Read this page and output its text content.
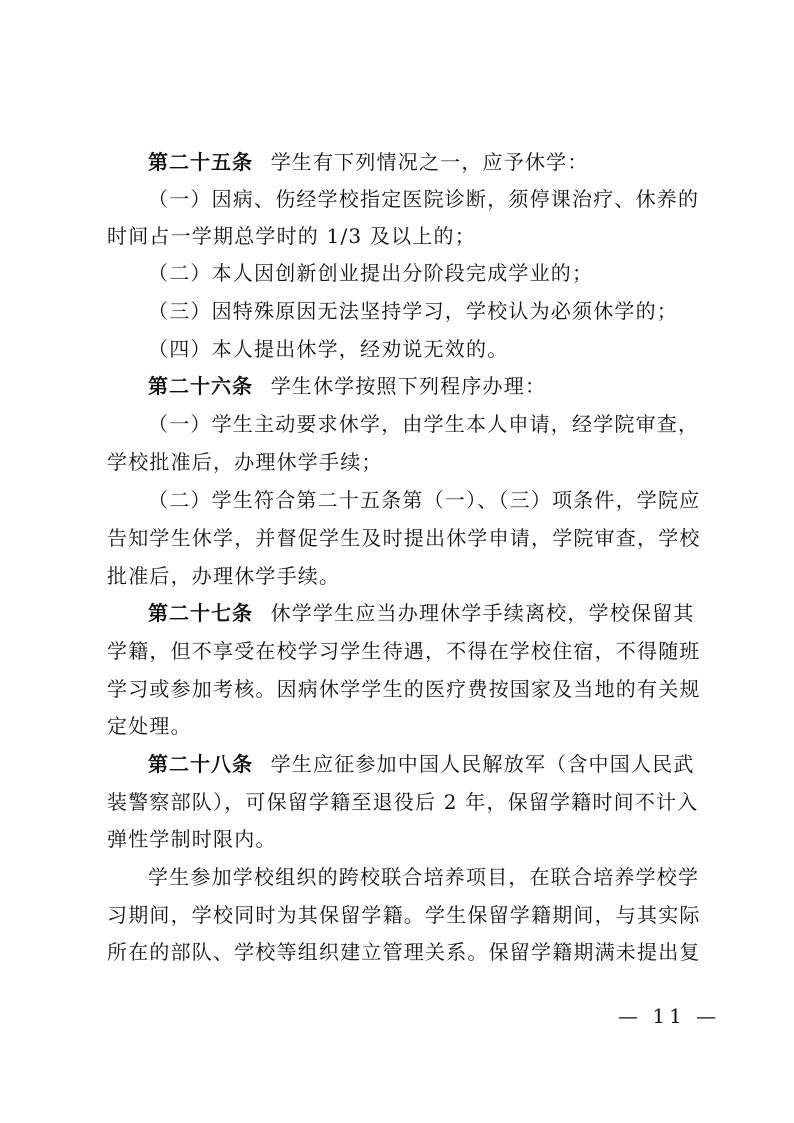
第二十五条 学生有下列情况之一，应予休学：
（一）因病、伤经学校指定医院诊断，须停课治疗、休养的
时间占一学期总学时的 1/3 及以上的；
（二）本人因创新创业提出分阶段完成学业的；
（三）因特殊原因无法坚持学习，学校认为必须休学的；
（四）本人提出休学，经劝说无效的。
第二十六条 学生休学按照下列程序办理：
（一）学生主动要求休学，由学生本人申请，经学院审查，
学校批准后，办理休学手续；
（二）学生符合第二十五条第（一）、（三）项条件，学院应
告知学生休学，并督促学生及时提出休学申请，学院审查，学校
批准后，办理休学手续。
第二十七条 休学学生应当办理休学手续离校，学校保留其
学籍，但不享受在校学习学生待遇，不得在学校住宿，不得随班
学习或参加考核。因病休学学生的医疗费按国家及当地的有关规
定处理。
第二十八条 学生应征参加中国人民解放军（含中国人民武
装警察部队），可保留学籍至退役后 2 年，保留学籍时间不计入
弹性学制时限内。
学生参加学校组织的跨校联合培养项目，在联合培养学校学
习期间，学校同时为其保留学籍。学生保留学籍期间，与其实际
所在的部队、学校等组织建立管理关系。保留学籍期满未提出复
— 11 —
